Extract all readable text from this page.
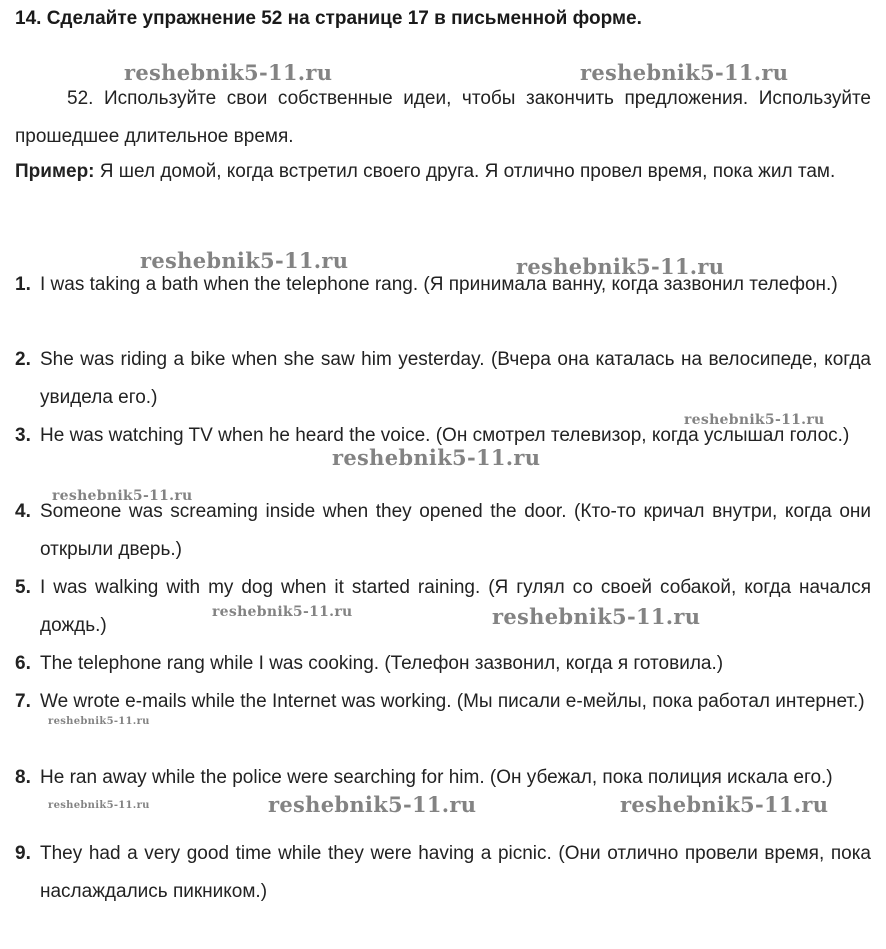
14. Сделайте упражнение 52 на странице 17 в письменной форме.
52. Используйте свои собственные идеи, чтобы закончить предложения. Используйте прошедшее длительное время.
Пример: Я шел домой, когда встретил своего друга. Я отлично провел время, пока жил там.
1. I was taking a bath when the telephone rang. (Я принимала ванну, когда зазвонил телефон.)
2. She was riding a bike when she saw him yesterday. (Вчера она каталась на велосипеде, когда увидела его.)
3. He was watching TV when he heard the voice. (Он смотрел телевизор, когда услышал голос.)
4. Someone was screaming inside when they opened the door. (Кто-то кричал внутри, когда они открыли дверь.)
5. I was walking with my dog when it started raining. (Я гулял со своей собакой, когда начался дождь.)
6. The telephone rang while I was cooking. (Телефон зазвонил, когда я готовила.)
7. We wrote e-mails while the Internet was working. (Мы писали е-мейлы, пока работал интернет.)
8. He ran away while the police were searching for him. (Он убежал, пока полиция искала его.)
9. They had a very good time while they were having a picnic. (Они отлично провели время, пока наслаждались пикником.)
reshebnik5-11.ru	reshebnik5-11.ru
reshebnik5-11.ru	reshebnik5-11.ru
reshebnik5-11.ru
reshebnik5-11.ru
reshebnik5-11.ru
reshebnik5-11.ru	reshebnik5-11.ru
reshebnik5-11.ru
reshebnik5-11.ru	reshebnik5-11.ru	reshebnik5-11.ru
